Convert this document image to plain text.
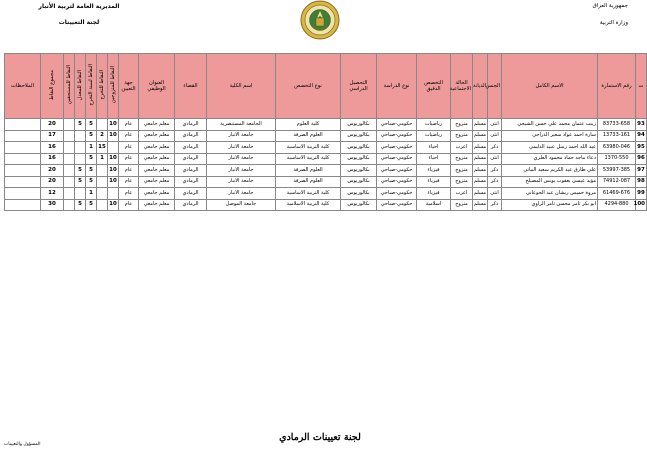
جمهورية العراق
وزارة التربية
المديرية العامة لتربية الأنبار
لجنة التعيينات
ت	رقم الاستمارة	الاسم الكامل	الجنس	الديانة	الحالة الاجتماعية	التخصص الدقيق	نوع الدراسة	التحصيل الدراسي	نوع التخصص	اسم الكلية	القضاء	العنوان الوظيفي	جهة التعيين	النقاط للمتزوجين	النقاط للتخرج	النقاط لسنة التخرج	النقاط للمعدل	النقاط للمستحقين	مجموع النقاط	الملاحظات
93	83733-658	زينب عثمان محمد علي حسن الشيجي	انثى	مسلم	متزوج	رياضيات	حكومي-صباحي	بكالوريوس	كلية العلوم	الجامعة المستنصرية	الرمادي	معلم جامعي	عام	10		5	5		20	
94	13733-161	سارة احمد عواد سعير الدراجي	انثى	مسلم	متزوج	رياضيات	حكومي-صباحي	بكالوريوس	العلوم الصرفة	جامعة الانبار	الرمادي	معلم جامعي	عام	10	2	5			17	
95	63980-046	عبد الله احمد زمبل عبيد الدليمي	ذكر	مسلم	اعزب	احياء	حكومي-صباحي	بكالوريوس	كلية التربية الاساسية	جامعة الانبار	الرمادي	معلم جامعي	عام		15	1			16	
96	1370-550	دعاء ماجد حماد محمود العلزي	انثى	مسلم	متزوج	احياء	حكومي-صباحي	بكالوريوس	كلية التربية الاساسية	جامعة الانبار	الرمادي	معلم جامعي	عام	10	1	5			16	
97	53997-385	علي طارق عبد الكريم سعيد البياتي	ذكر	مسلم	متزوج	فيزياء	حكومي-صباحي	بكالوريوس	العلوم الصرفة	جامعة الانبار	الرمادي	معلم جامعي	عام	10		5	5		20	
98	74912-087	مؤيد عيسى يعقوب يونس المصيلخ	ذكر	مسلم	متزوج	فيزياء	حكومي-صباحي	بكالوريوس	العلوم الصرفة	جامعة الانبار	الرمادي	معلم جامعي	عام	10		5	5		20	
99	61469-676	مروة خميس ريشان عبد الجوعاني	انثى	مسلم	اعزب	فيزياء	حكومي-صباحي	بكالوريوس	كلية التربية الاساسية	جامعة الانبار	الرمادي	معلم جامعي	عام			1			12	
100	4294-880	ابو بكر ثامر محسن ثامر الراوي	ذكر	مسلم	متزوج	اسلامية	حكومي-صباحي	بكالوريوس	كلية التربية الاسلامية	جامعة الموصل	الرمادي	معلم جامعي	عام	10		5	5		30	
لجنة تعيينات الرمادي
المسؤول والتعيينات
